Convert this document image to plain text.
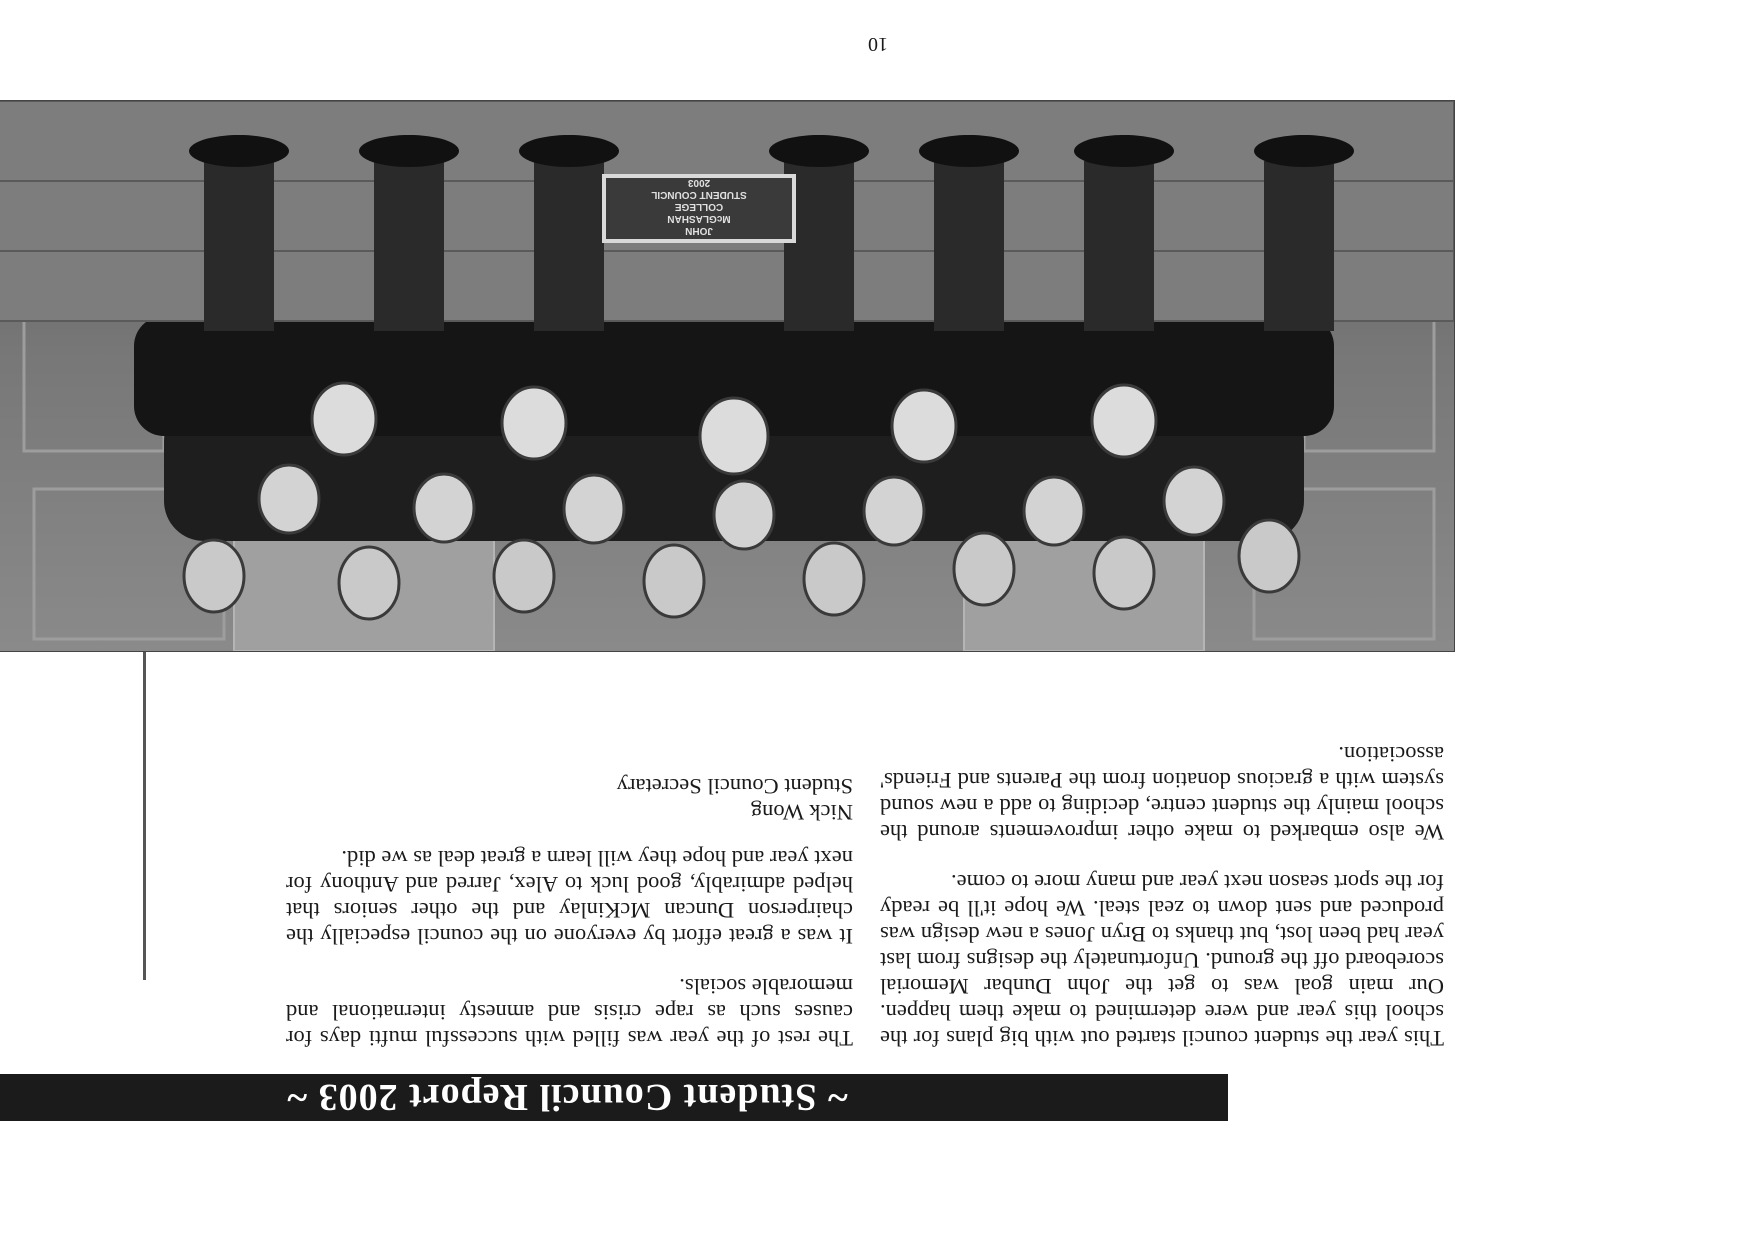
~ Student Council Report 2003 ~

This year the student council started out with big plans for the school this year and were determined to make them happen. Our main goal was to get the John Dunbar Memorial scoreboard off the ground. Unfortunately the designs from last year had been lost, but thanks to Bryn Jones a new design was produced and sent down to zeal steal. We hope it'll be ready for the sport season next year and many more to come.

We also embarked to make other improvements around the school mainly the student centre, deciding to add a new sound system with a gracious donation from the Parents and Friends' association.

The rest of the year was filled with successful mufti days for causes such as rape crisis and amnesty international and memorable socials.

It was a great effort by everyone on the council especially the chairperson Duncan McKinlay and the other seniors that helped admirably, good luck to Alex, Jarred and Anthony for next year and hope they will learn a great deal as we did.

Nick Wong
Student Council Secretary
JOHN
McGLASHAN
COLLEGE
STUDENT COUNCIL
2003
10
